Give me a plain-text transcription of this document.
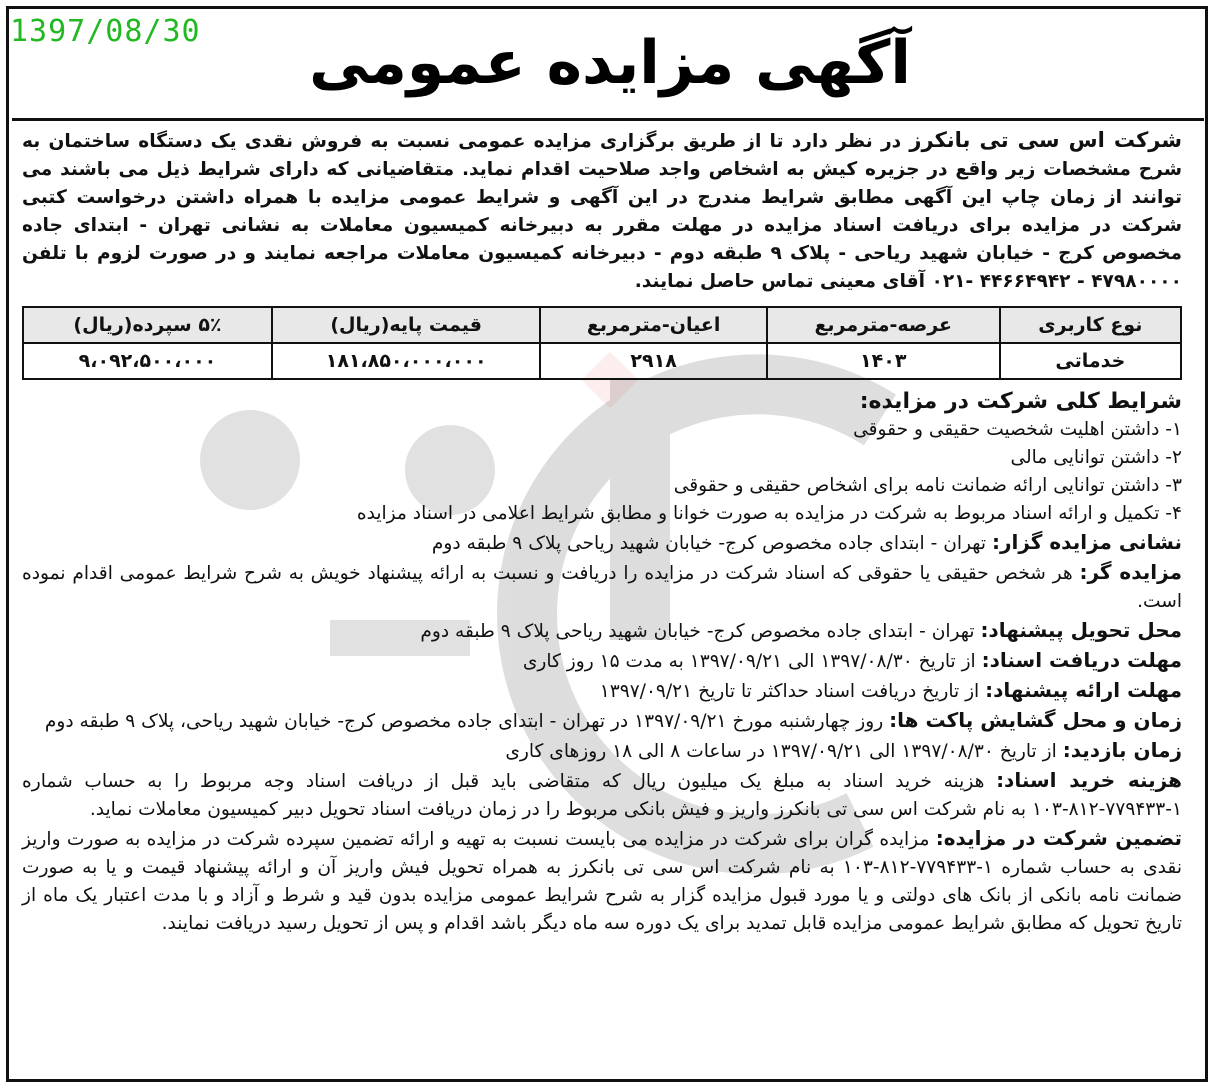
1397/08/30	آگهی مزایده عمومی

شرکت اس سی تی بانکرز در نظر دارد تا از طریق برگزاری مزایده عمومی نسبت به فروش نقدی یک دستگاه ساختمان به شرح مشخصات زیر واقع در جزیره کیش به اشخاص واجد صلاحیت اقدام نماید. متقاضیانی که دارای شرایط ذیل می باشند می توانند از زمان چاپ این آگهی مطابق شرایط مندرج در این آگهی و شرایط عمومی مزایده با همراه داشتن درخواست کتبی شرکت در مزایده برای دریافت اسناد مزایده در مهلت مقرر به دبیرخانه کمیسیون معاملات به نشانی تهران - ابتدای جاده مخصوص کرج - خیابان شهید ریاحی - پلاک ۹ طبقه دوم - دبیرخانه کمیسیون معاملات مراجعه نمایند و در صورت لزوم با تلفن ۴۷۹۸۰۰۰۰ - ۴۴۶۶۴۹۴۲ -۰۲۱ آقای معینی تماس حاصل نمایند.

نوع کاربری	عرصه-مترمربع	اعیان-مترمربع	قیمت پایه(ریال)	۵٪ سپرده(ریال)
خدماتی	۱۴۰۳	۲۹۱۸	۱۸۱،۸۵۰،۰۰۰،۰۰۰	۹،۰۹۲،۵۰۰،۰۰۰
شرایط کلی شرکت در مزایده:

۱- داشتن اهلیت شخصیت حقیقی و حقوقی

۲- داشتن توانایی مالی

۳- داشتن توانایی ارائه ضمانت نامه برای اشخاص حقیقی و حقوقی

۴- تکمیل و ارائه اسناد مربوط به شرکت در مزایده به صورت خوانا و مطابق شرایط اعلامی در اسناد مزایده

نشانی مزایده گزار: تهران - ابتدای جاده مخصوص کرج- خیابان شهید ریاحی پلاک ۹ طبقه دوم

مزایده گر: هر شخص حقیقی یا حقوقی که اسناد شرکت در مزایده را دریافت و نسبت به ارائه پیشنهاد خویش به شرح شرایط عمومی اقدام نموده است.

محل تحویل پیشنهاد: تهران - ابتدای جاده مخصوص کرج- خیابان شهید ریاحی پلاک ۹ طبقه دوم

مهلت دریافت اسناد: از تاریخ ۱۳۹۷/۰۸/۳۰ الی ۱۳۹۷/۰۹/۲۱ به مدت ۱۵ روز کاری

مهلت ارائه پیشنهاد: از تاریخ دریافت اسناد حداکثر تا تاریخ ۱۳۹۷/۰۹/۲۱

زمان و محل گشایش پاکت ها: روز چهارشنبه مورخ ۱۳۹۷/۰۹/۲۱ در تهران - ابتدای جاده مخصوص کرج- خیابان شهید ریاحی، پلاک ۹ طبقه دوم

زمان بازدید: از تاریخ ۱۳۹۷/۰۸/۳۰ الی ۱۳۹۷/۰۹/۲۱ در ساعات ۸ الی ۱۸ روزهای کاری

هزینه خرید اسناد: هزینه خرید اسناد به مبلغ یک میلیون ریال که متقاضی باید قبل از دریافت اسناد وجه مربوط را به حساب شماره ۱-۷۷۹۴۳۳-۸۱۲-۱۰۳ به نام شرکت اس سی تی بانکرز واریز و فیش بانکی مربوط را در زمان دریافت اسناد تحویل دبیر کمیسیون معاملات نماید.

تضمین شرکت در مزایده: مزایده گران برای شرکت در مزایده می بایست نسبت به تهیه و ارائه تضمین سپرده شرکت در مزایده به صورت واریز نقدی به حساب شماره ۱-۷۷۹۴۳۳-۸۱۲-۱۰۳ به نام شرکت اس سی تی بانکرز به همراه تحویل فیش واریز آن و ارائه پیشنهاد قیمت و یا به صورت ضمانت نامه بانکی از بانک های دولتی و یا مورد قبول مزایده گزار به شرح شرایط عمومی مزایده بدون قید و شرط و آزاد و با مدت اعتبار یک ماه از تاریخ تحویل که مطابق شرایط عمومی مزایده قابل تمدید برای یک دوره سه ماه دیگر باشد اقدام و پس از تحویل رسید دریافت نمایند.
